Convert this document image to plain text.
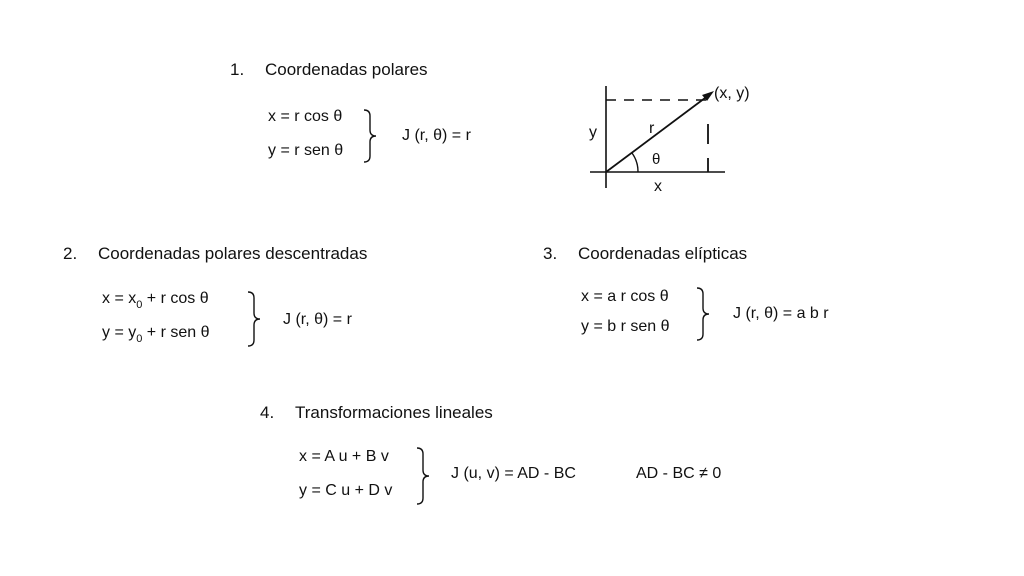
1. Coordenadas polares
x = r cos θ
y = r sen θ
J (r, θ) = r
(x, y)
r
θ
x
y
2. Coordenadas polares descentradas
$x = x_0 + r$ cos θ
$y = y_0 + r$ sen θ
J (r, θ) = r
3. Coordenadas elípticas
x = a r cos θ
y = b r sen θ
J (r, θ) = a b r
4. Transformaciones lineales
x = A u + B v
y = C u + D v
J (u, v) = AD - BC	AD - BC ≠ 0
